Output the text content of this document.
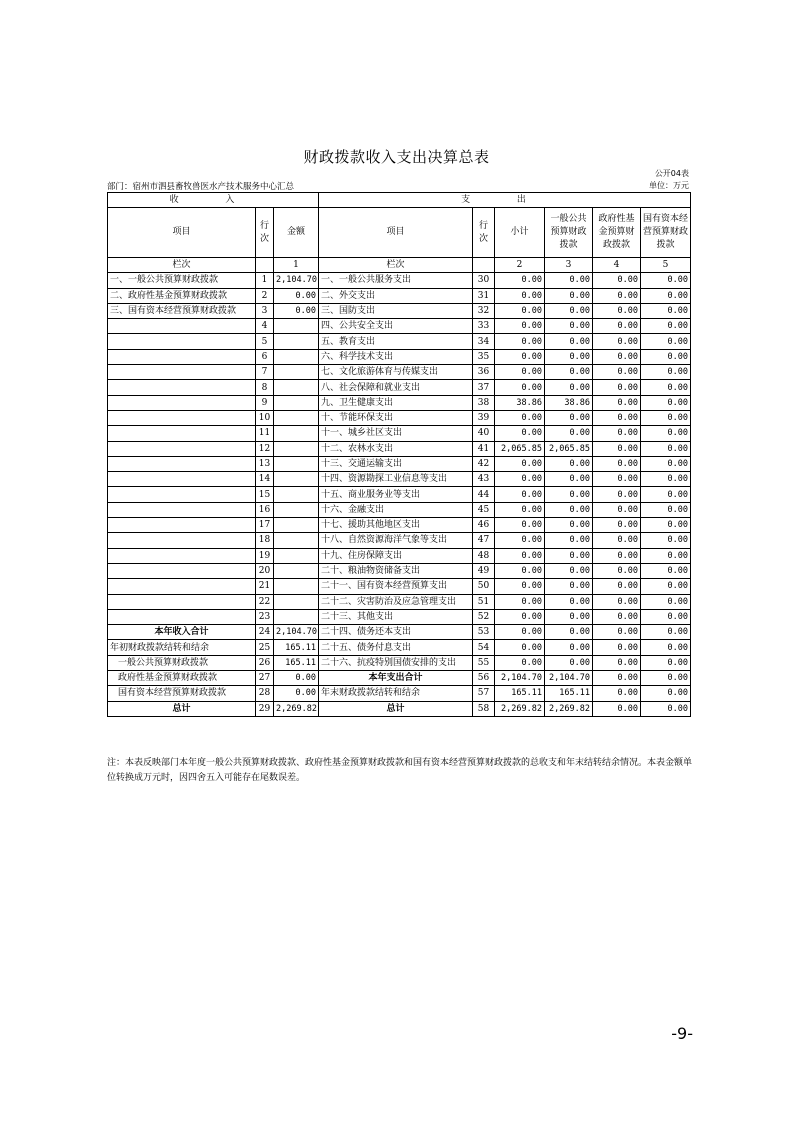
财政拨款收入支出决算总表
公开04表
部门：宿州市泗县畜牧兽医水产技术服务中心汇总	单位：万元
收 入			支 出					
项目	行次	金额	项目	行次	小计	一般公共预算财政拨款	政府性基金预算财政拨款	国有资本经营预算财政拨款
栏次		1	栏次		2	3	4	5
一、一般公共预算财政拨款	1	2,104.70	一、一般公共服务支出	30	0.00	0.00	0.00	0.00
二、政府性基金预算财政拨款	2	0.00	二、外交支出	31	0.00	0.00	0.00	0.00
三、国有资本经营预算财政拨款	3	0.00	三、国防支出	32	0.00	0.00	0.00	0.00
	4		四、公共安全支出	33	0.00	0.00	0.00	0.00
	5		五、教育支出	34	0.00	0.00	0.00	0.00
	6		六、科学技术支出	35	0.00	0.00	0.00	0.00
	7		七、文化旅游体育与传媒支出	36	0.00	0.00	0.00	0.00
	8		八、社会保障和就业支出	37	0.00	0.00	0.00	0.00
	9		九、卫生健康支出	38	38.86	38.86	0.00	0.00
	10		十、节能环保支出	39	0.00	0.00	0.00	0.00
	11		十一、城乡社区支出	40	0.00	0.00	0.00	0.00
	12		十二、农林水支出	41	2,065.85	2,065.85	0.00	0.00
	13		十三、交通运输支出	42	0.00	0.00	0.00	0.00
	14		十四、资源勘探工业信息等支出	43	0.00	0.00	0.00	0.00
	15		十五、商业服务业等支出	44	0.00	0.00	0.00	0.00
	16		十六、金融支出	45	0.00	0.00	0.00	0.00
	17		十七、援助其他地区支出	46	0.00	0.00	0.00	0.00
	18		十八、自然资源海洋气象等支出	47	0.00	0.00	0.00	0.00
	19		十九、住房保障支出	48	0.00	0.00	0.00	0.00
	20		二十、粮油物资储备支出	49	0.00	0.00	0.00	0.00
	21		二十一、国有资本经营预算支出	50	0.00	0.00	0.00	0.00
	22		二十二、灾害防治及应急管理支出	51	0.00	0.00	0.00	0.00
	23		二十三、其他支出	52	0.00	0.00	0.00	0.00
本年收入合计	24	2,104.70	二十四、债务还本支出	53	0.00	0.00	0.00	0.00
年初财政拨款结转和结余	25	165.11	二十五、债务付息支出	54	0.00	0.00	0.00	0.00
一般公共预算财政拨款	26	165.11	二十六、抗疫特别国债安排的支出	55	0.00	0.00	0.00	0.00
政府性基金预算财政拨款	27	0.00	本年支出合计	56	2,104.70	2,104.70	0.00	0.00
国有资本经营预算财政拨款	28	0.00	年末财政拨款结转和结余	57	165.11	165.11	0.00	0.00
总计	29	2,269.82	总计	58	2,269.82	2,269.82	0.00	0.00
注：本表反映部门本年度一般公共预算财政拨款、政府性基金预算财政拨款和国有资本经营预算财政拨款的总收支和年末结转结余情况。本表金额单位转换成万元时，因四舍五入可能存在尾数误差。
-9-
